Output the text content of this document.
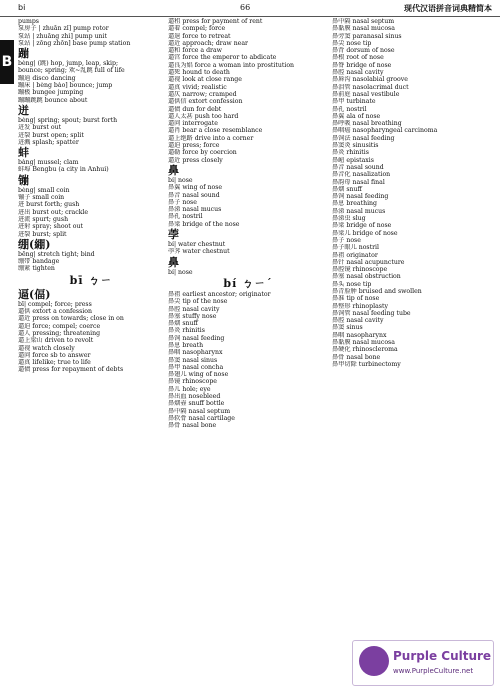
bi	66	现代汉语拼音词典精简本
B
pumps
泵房子 | zhuān zǐ] pump rotor
泵站 | zhuāng zhì] pump unit
泵站 | zōng zhōn] base pump station
蹦
bèng| (跳) hop, jump, leap, skip;
bounce; spring; 欢~乱跳 full of life
蹦迪 disco dancing
蹦床 | bèng bào] bounce; jump
蹦极 bungee jumping
蹦蹦跳跳 bounce about
迸
bèng| spring; spout; burst forth
迸发 burst out
迸裂 burst open; split
迸溅 splash; spatter
蚌
bàng| mussel; clam
蚌埠 Bengbu (a city in Anhui)
镚
bèng| small coin
镚子 small coin
进 burst forth; gush
进出 burst out; crackle
进流 spurt; gush
进射 spray; shoot out
进裂 burst; split
绷(綳)
bēng| stretch tight; bind
绷带 bandage
绷紧 tighten
bī ㄅㄧ
逼(偪)
bī| compel; force; press
逼供 extort a confession
逼近 press on towards; close in on
逼迫 force; compel; coerce
逼人 pressing; threatening
逼上梁山 driven to revolt
逼视 watch closely
逼问 force sb to answer
逼真 lifelike; true to life
逼债 press for repayment of debts
逼租 press for payment of rent
逼着 compel; force
逼退 force to retreat
逼近 approach; draw near
逼和 force a draw
逼宫 force the emperor to abdicate
逼良为娼 force a woman into prostitution
逼死 hound to death
逼视 look at close range
逼真 vivid; realistic
逼仄 narrow; cramped
逼供信 extort confession
逼债 dun for debt
逼人太甚 push too hard
逼问 interrogate
逼肖 bear a close resemblance
逼上绝路 drive into a corner
逼迫 press; force
逼勒 force by coercion
逼近 press closely
鼻
bí| nose
鼻翼 wing of nose
鼻音 nasal sound
鼻子 nose
鼻涕 nasal mucus
鼻孔 nostril
鼻梁 bridge of the nose
荸
bí| water chestnut
荸荠 water chestnut
鼻
bí| nose
bí ㄅㄧˊ
鼻祖 earliest ancestor; originator
鼻尖 tip of the nose
鼻腔 nasal cavity
鼻塞 stuffy nose
鼻烟 snuff
鼻炎 rhinitis
鼻饲 nasal feeding
鼻息 breath
鼻咽 nasopharynx
鼻窦 nasal sinus
鼻甲 nasal concha
鼻翅儿 wing of nose
鼻镜 rhinoscope
鼻儿 hole; eye
鼻出血 nosebleed
鼻烟壶 snuff bottle
鼻中隔 nasal septum
鼻软骨 nasal cartilage
鼻骨 nasal bone
鼻中隔 nasal septum
鼻黏膜 nasal mucosa
鼻旁窦 paranasal sinus
鼻尖 nose tip
鼻背 dorsum of nose
鼻根 root of nose
鼻脊 bridge of nose
鼻腔 nasal cavity
鼻唇沟 nasolabial groove
鼻泪管 nasolacrimal duct
鼻前庭 nasal vestibule
鼻甲 turbinate
鼻孔 nostril
鼻翼 ala of nose
鼻呼吸 nasal breathing
鼻咽癌 nasopharyngeal carcinoma
鼻饲法 nasal feeding
鼻窦炎 sinusitis
鼻炎 rhinitis
鼻衄 epistaxis
鼻音 nasal sound
鼻音化 nasalization
鼻韵母 nasal final
鼻烟 snuff
鼻饲 nasal feeding
鼻息 breathing
鼻涕 nasal mucus
鼻涕虫 slug
鼻梁 bridge of nose
鼻梁儿 bridge of nose
鼻子 nose
鼻子眼儿 nostril
鼻祖 originator
鼻针 nasal acupuncture
鼻腔镜 rhinoscope
鼻塞 nasal obstruction
鼻头 nose tip
鼻青脸肿 bruised and swollen
鼻准 tip of nose
鼻整形 rhinoplasty
鼻饲管 nasal feeding tube
鼻腔 nasal cavity
鼻窦 sinus
鼻咽 nasopharynx
鼻黏膜 nasal mucosa
鼻硬化 rhinoscleroma
鼻骨 nasal bone
鼻甲切除 turbinectomy
Purple Culture
www.PurpleCulture.net
